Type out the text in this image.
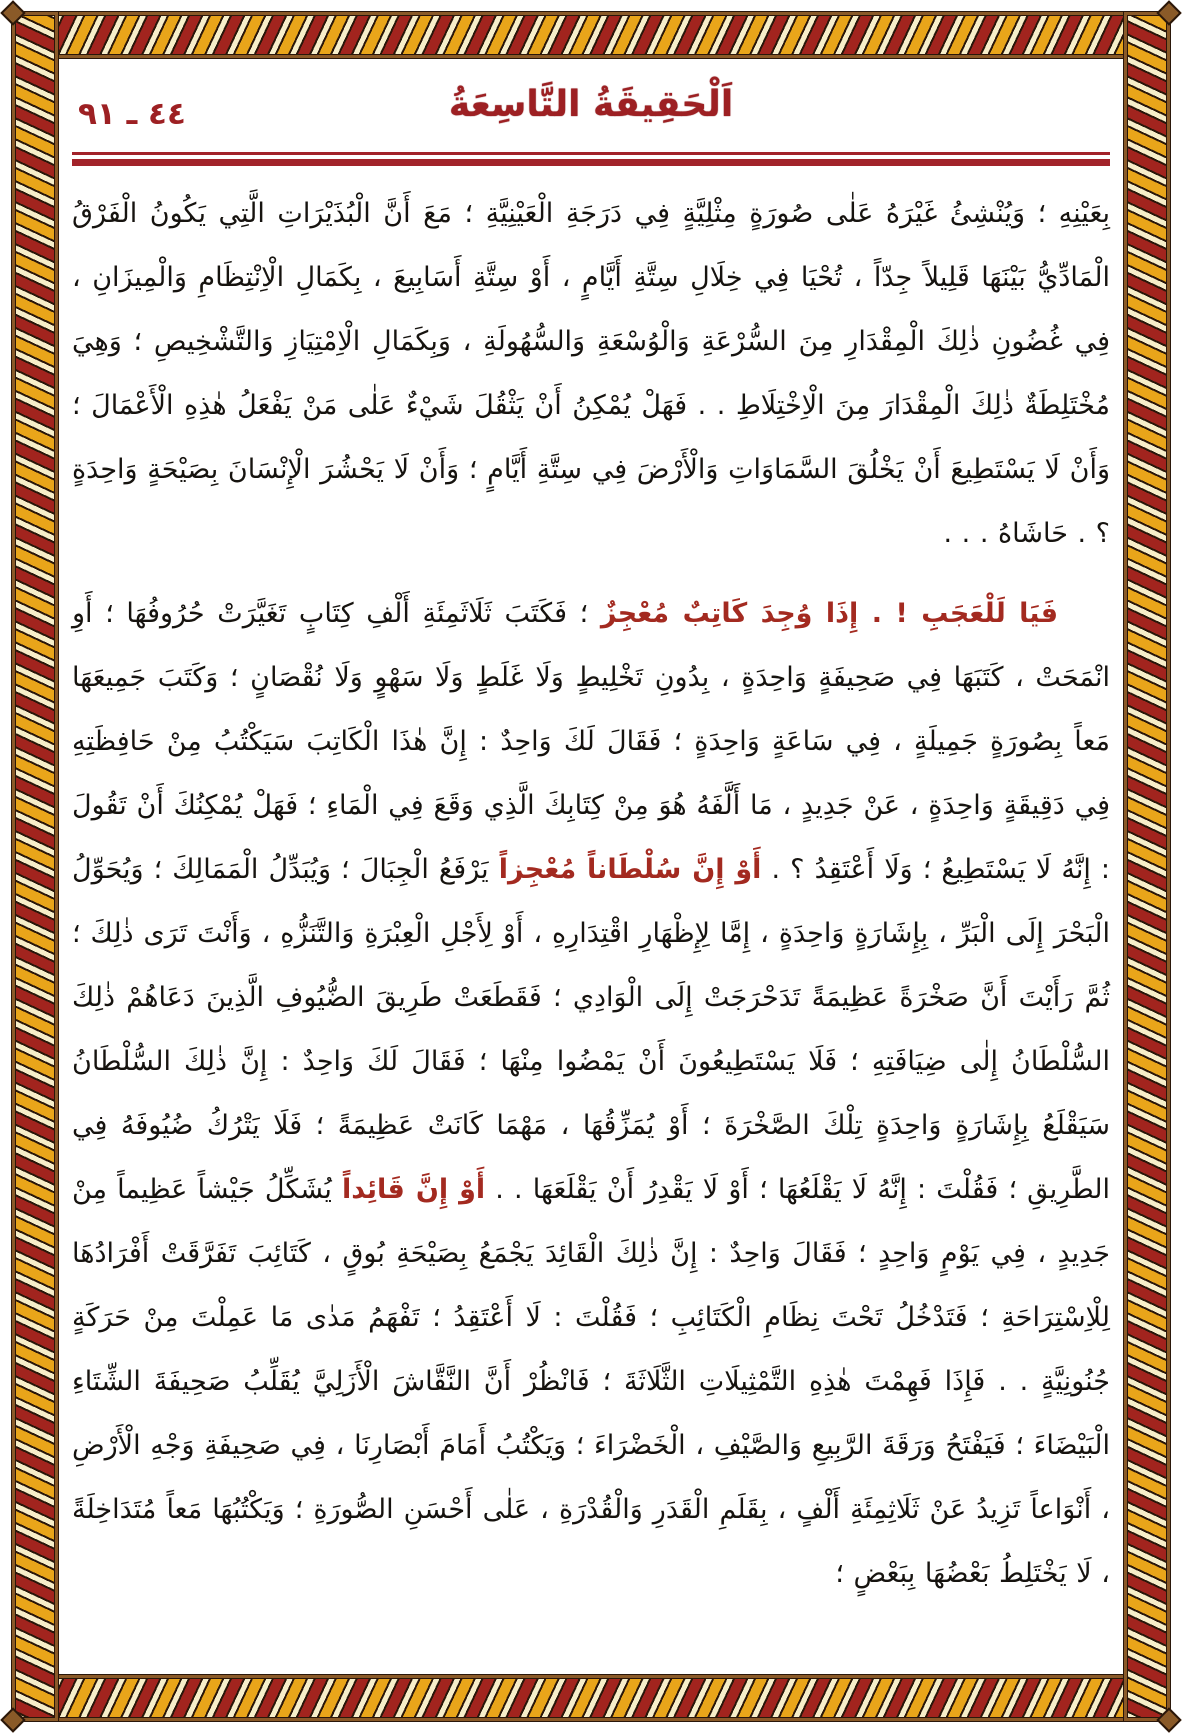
٤٤ ـ ٩١	اَلْحَقِيقَةُ التَّاسِعَةُ

بِعَيْنِهِ ؛ وَيُنْشِئُ غَيْرَهُ عَلٰى صُورَةٍ مِثْلِيَّةٍ فِي دَرَجَةِ الْعَيْنِيَّةِ ؛ مَعَ أَنَّ الْبُذَيْرَاتِ الَّتِي يَكُونُ الْفَرْقُ الْمَادِّيُّ بَيْنَهَا قَلِيلاً جِدّاً ، تُحْيَا فِي خِلَالِ سِتَّةِ أَيَّامٍ ، أَوْ سِتَّةِ أَسَابِيعَ ، بِكَمَالِ الْاِنْتِظَامِ وَالْمِيزَانِ ، فِي غُضُونِ ذٰلِكَ الْمِقْدَارِ مِنَ السُّرْعَةِ وَالْوُسْعَةِ وَالسُّهُولَةِ ، وَبِكَمَالِ الْاِمْتِيَازِ وَالتَّشْخِيصِ ؛ وَهِيَ مُخْتَلِطَةٌ ذٰلِكَ الْمِقْدَارَ مِنَ الْاِخْتِلَاطِ . . فَهَلْ يُمْكِنُ أَنْ يَثْقُلَ شَيْءٌ عَلٰى مَنْ يَفْعَلُ هٰذِهِ الْأَعْمَالَ ؛ وَأَنْ لَا يَسْتَطِيعَ أَنْ يَخْلُقَ السَّمَاوَاتِ وَالْأَرْضَ فِي سِتَّةِ أَيَّامٍ ؛ وَأَنْ لَا يَحْشُرَ الْإِنْسَانَ بِصَيْحَةٍ وَاحِدَةٍ ؟ . حَاشَاهُ . . .

فَيَا لَلْعَجَبِ ! . إِذَا وُجِدَ كَاتِبٌ مُعْجِزٌ ؛ فَكَتَبَ ثَلَاثَمِئَةِ أَلْفِ كِتَابٍ تَغَيَّرَتْ حُرُوفُهَا ؛ أَوِ انْمَحَتْ ، كَتَبَهَا فِي صَحِيفَةٍ وَاحِدَةٍ ، بِدُونِ تَخْلِيطٍ وَلَا غَلَطٍ وَلَا سَهْوٍ وَلَا نُقْصَانٍ ؛ وَكَتَبَ جَمِيعَهَا مَعاً بِصُورَةٍ جَمِيلَةٍ ، فِي سَاعَةٍ وَاحِدَةٍ ؛ فَقَالَ لَكَ وَاحِدٌ : إِنَّ هٰذَا الْكَاتِبَ سَيَكْتُبُ مِنْ حَافِظَتِهِ فِي دَقِيقَةٍ وَاحِدَةٍ ، عَنْ جَدِيدٍ ، مَا أَلَّفَهُ هُوَ مِنْ كِتَابِكَ الَّذِي وَقَعَ فِي الْمَاءِ ؛ فَهَلْ يُمْكِنُكَ أَنْ تَقُولَ : إِنَّهُ لَا يَسْتَطِيعُ ؛ وَلَا أَعْتَقِدُ ؟ . أَوْ إِنَّ سُلْطَاناً مُعْجِزاً يَرْفَعُ الْجِبَالَ ؛ وَيُبَدِّلُ الْمَمَالِكَ ؛ وَيُحَوِّلُ الْبَحْرَ إِلَى الْبَرِّ ، بِإِشَارَةٍ وَاحِدَةٍ ، إِمَّا لِإِظْهَارِ اقْتِدَارِهِ ، أَوْ لِأَجْلِ الْعِبْرَةِ وَالتَّنَزُّهِ ، وَأَنْتَ تَرَى ذٰلِكَ ؛ ثُمَّ رَأَيْتَ أَنَّ صَخْرَةً عَظِيمَةً تَدَحْرَجَتْ إِلَى الْوَادِي ؛ فَقَطَعَتْ طَرِيقَ الضُّيُوفِ الَّذِينَ دَعَاهُمْ ذٰلِكَ السُّلْطَانُ إِلٰى ضِيَافَتِهِ ؛ فَلَا يَسْتَطِيعُونَ أَنْ يَمْضُوا مِنْهَا ؛ فَقَالَ لَكَ وَاحِدٌ : إِنَّ ذٰلِكَ السُّلْطَانُ سَيَقْلَعُ بِإِشَارَةٍ وَاحِدَةٍ تِلْكَ الصَّخْرَةَ ؛ أَوْ يُمَزِّقُهَا ، مَهْمَا كَانَتْ عَظِيمَةً ؛ فَلَا يَتْرُكُ ضُيُوفَهُ فِي الطَّرِيقِ ؛ فَقُلْتَ : إِنَّهُ لَا يَقْلَعُهَا ؛ أَوْ لَا يَقْدِرُ أَنْ يَقْلَعَهَا . . أَوْ إِنَّ قَائِداً يُشَكِّلُ جَيْشاً عَظِيماً مِنْ جَدِيدٍ ، فِي يَوْمٍ وَاحِدٍ ؛ فَقَالَ وَاحِدٌ : إِنَّ ذٰلِكَ الْقَائِدَ يَجْمَعُ بِصَيْحَةِ بُوقٍ ، كَتَائِبَ تَفَرَّقَتْ أَفْرَادُهَا لِلْاِسْتِرَاحَةِ ؛ فَتَدْخُلُ تَحْتَ نِظَامِ الْكَتَائِبِ ؛ فَقُلْتَ : لَا أَعْتَقِدُ ؛ تَفْهَمُ مَدٰى مَا عَمِلْتَ مِنْ حَرَكَةٍ جُنُونِيَّةٍ . . فَإِذَا فَهِمْتَ هٰذِهِ التَّمْثِيلَاتِ الثَّلَاثَةَ ؛ فَانْظُرْ أَنَّ النَّقَّاشَ الْأَزَلِيَّ يُقَلِّبُ صَحِيفَةَ الشِّتَاءِ الْبَيْضَاءَ ؛ فَيَفْتَحُ وَرَقَةَ الرَّبِيعِ وَالصَّيْفِ ، الْخَضْرَاءَ ؛ وَيَكْتُبُ أَمَامَ أَبْصَارِنَا ، فِي صَحِيفَةِ وَجْهِ الْأَرْضِ ، أَنْوَاعاً تَزِيدُ عَنْ ثَلَاثِمِئَةِ أَلْفٍ ، بِقَلَمِ الْقَدَرِ وَالْقُدْرَةِ ، عَلٰى أَحْسَنِ الصُّورَةِ ؛ وَيَكْتُبُهَا مَعاً مُتَدَاخِلَةً ، لَا يَخْتَلِطُ بَعْضُهَا بِبَعْضٍ ؛
